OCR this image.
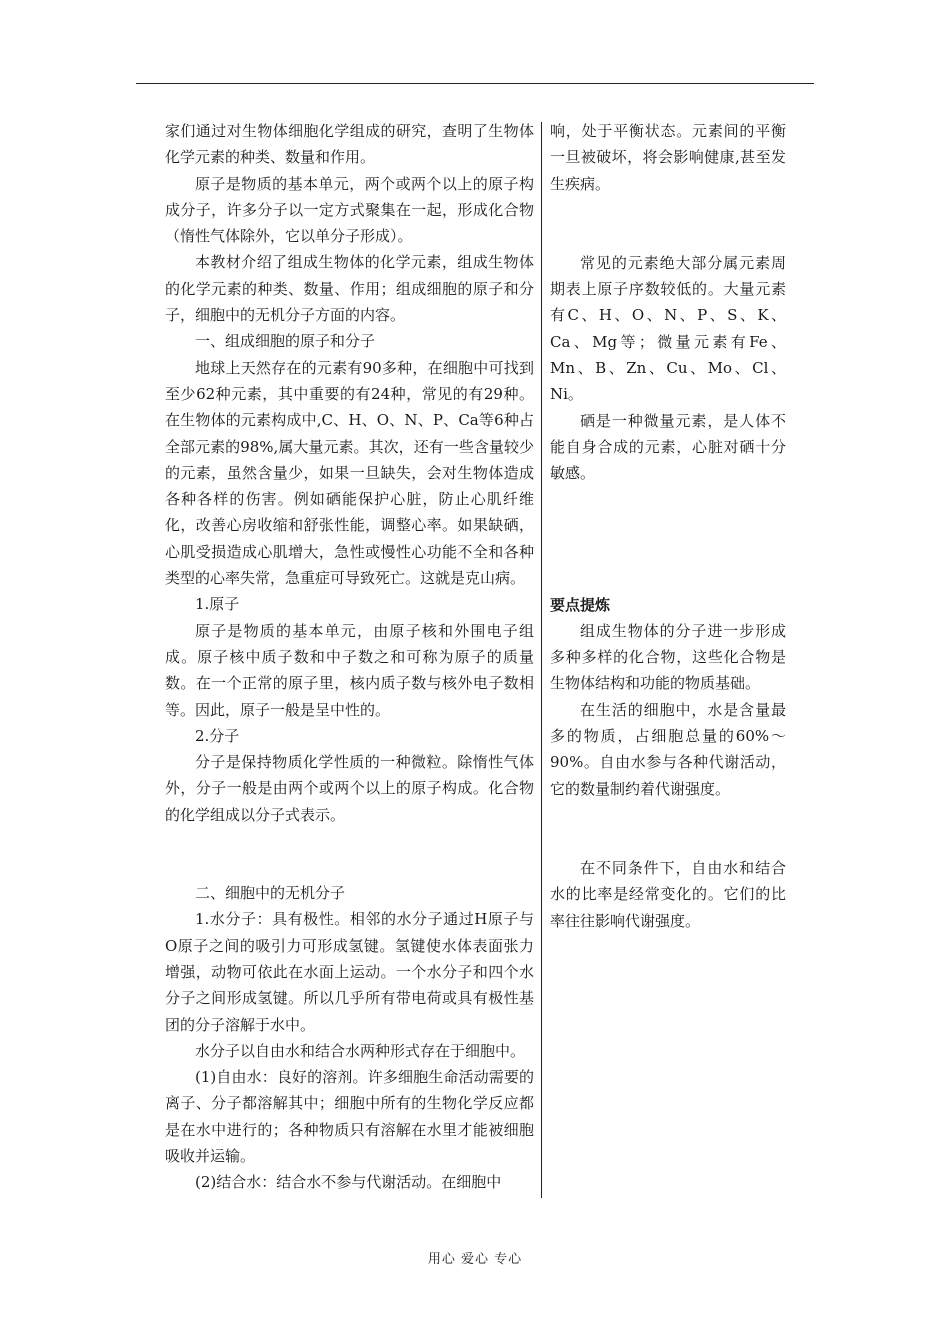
家们通过对生物体细胞化学组成的研究，查明了生物体化学元素的种类、数量和作用。

原子是物质的基本单元，两个或两个以上的原子构成分子，许多分子以一定方式聚集在一起，形成化合物（惰性气体除外，它以单分子形成）。

本教材介绍了组成生物体的化学元素，组成生物体的化学元素的种类、数量、作用；组成细胞的原子和分子，细胞中的无机分子方面的内容。

一、组成细胞的原子和分子

地球上天然存在的元素有90多种，在细胞中可找到至少62种元素，其中重要的有24种，常见的有29种。在生物体的元素构成中,C、H、O、N、P、Ca等6种占全部元素的98%,属大量元素。其次，还有一些含量较少的元素，虽然含量少，如果一旦缺失，会对生物体造成各种各样的伤害。例如硒能保护心脏，防止心肌纤维化，改善心房收缩和舒张性能，调整心率。如果缺硒，心肌受损造成心肌增大，急性或慢性心功能不全和各种类型的心率失常，急重症可导致死亡。这就是克山病。

1.原子

原子是物质的基本单元，由原子核和外围电子组成。原子核中质子数和中子数之和可称为原子的质量数。在一个正常的原子里，核内质子数与核外电子数相等。因此，原子一般是呈中性的。

2.分子

分子是保持物质化学性质的一种微粒。除惰性气体外，分子一般是由两个或两个以上的原子构成。化合物的化学组成以分子式表示。

二、细胞中的无机分子

1.水分子：具有极性。相邻的水分子通过H原子与O原子之间的吸引力可形成氢键。氢键使水体表面张力增强，动物可依此在水面上运动。一个水分子和四个水分子之间形成氢键。所以几乎所有带电荷或具有极性基团的分子溶解于水中。

水分子以自由水和结合水两种形式存在于细胞中。

(1)自由水：良好的溶剂。许多细胞生命活动需要的离子、分子都溶解其中；细胞中所有的生物化学反应都是在水中进行的；各种物质只有溶解在水里才能被细胞吸收并运输。

(2)结合水：结合水不参与代谢活动。在细胞中

响，处于平衡状态。元素间的平衡一旦被破坏，将会影响健康,甚至发生疾病。

常见的元素绝大部分属元素周期表上原子序数较低的。大量元素有C、H、O、N、P、S、K、Ca、Mg等；微量元素有Fe、Mn、B、Zn、Cu、Mo、Cl、Ni。

硒是一种微量元素，是人体不能自身合成的元素，心脏对硒十分敏感。

要点提炼

组成生物体的分子进一步形成多种多样的化合物，这些化合物是生物体结构和功能的物质基础。

在生活的细胞中，水是含量最多的物质，占细胞总量的60%～90%。自由水参与各种代谢活动，它的数量制约着代谢强度。

在不同条件下，自由水和结合水的比率是经常变化的。它们的比率往往影响代谢强度。

用心 爱心 专心
